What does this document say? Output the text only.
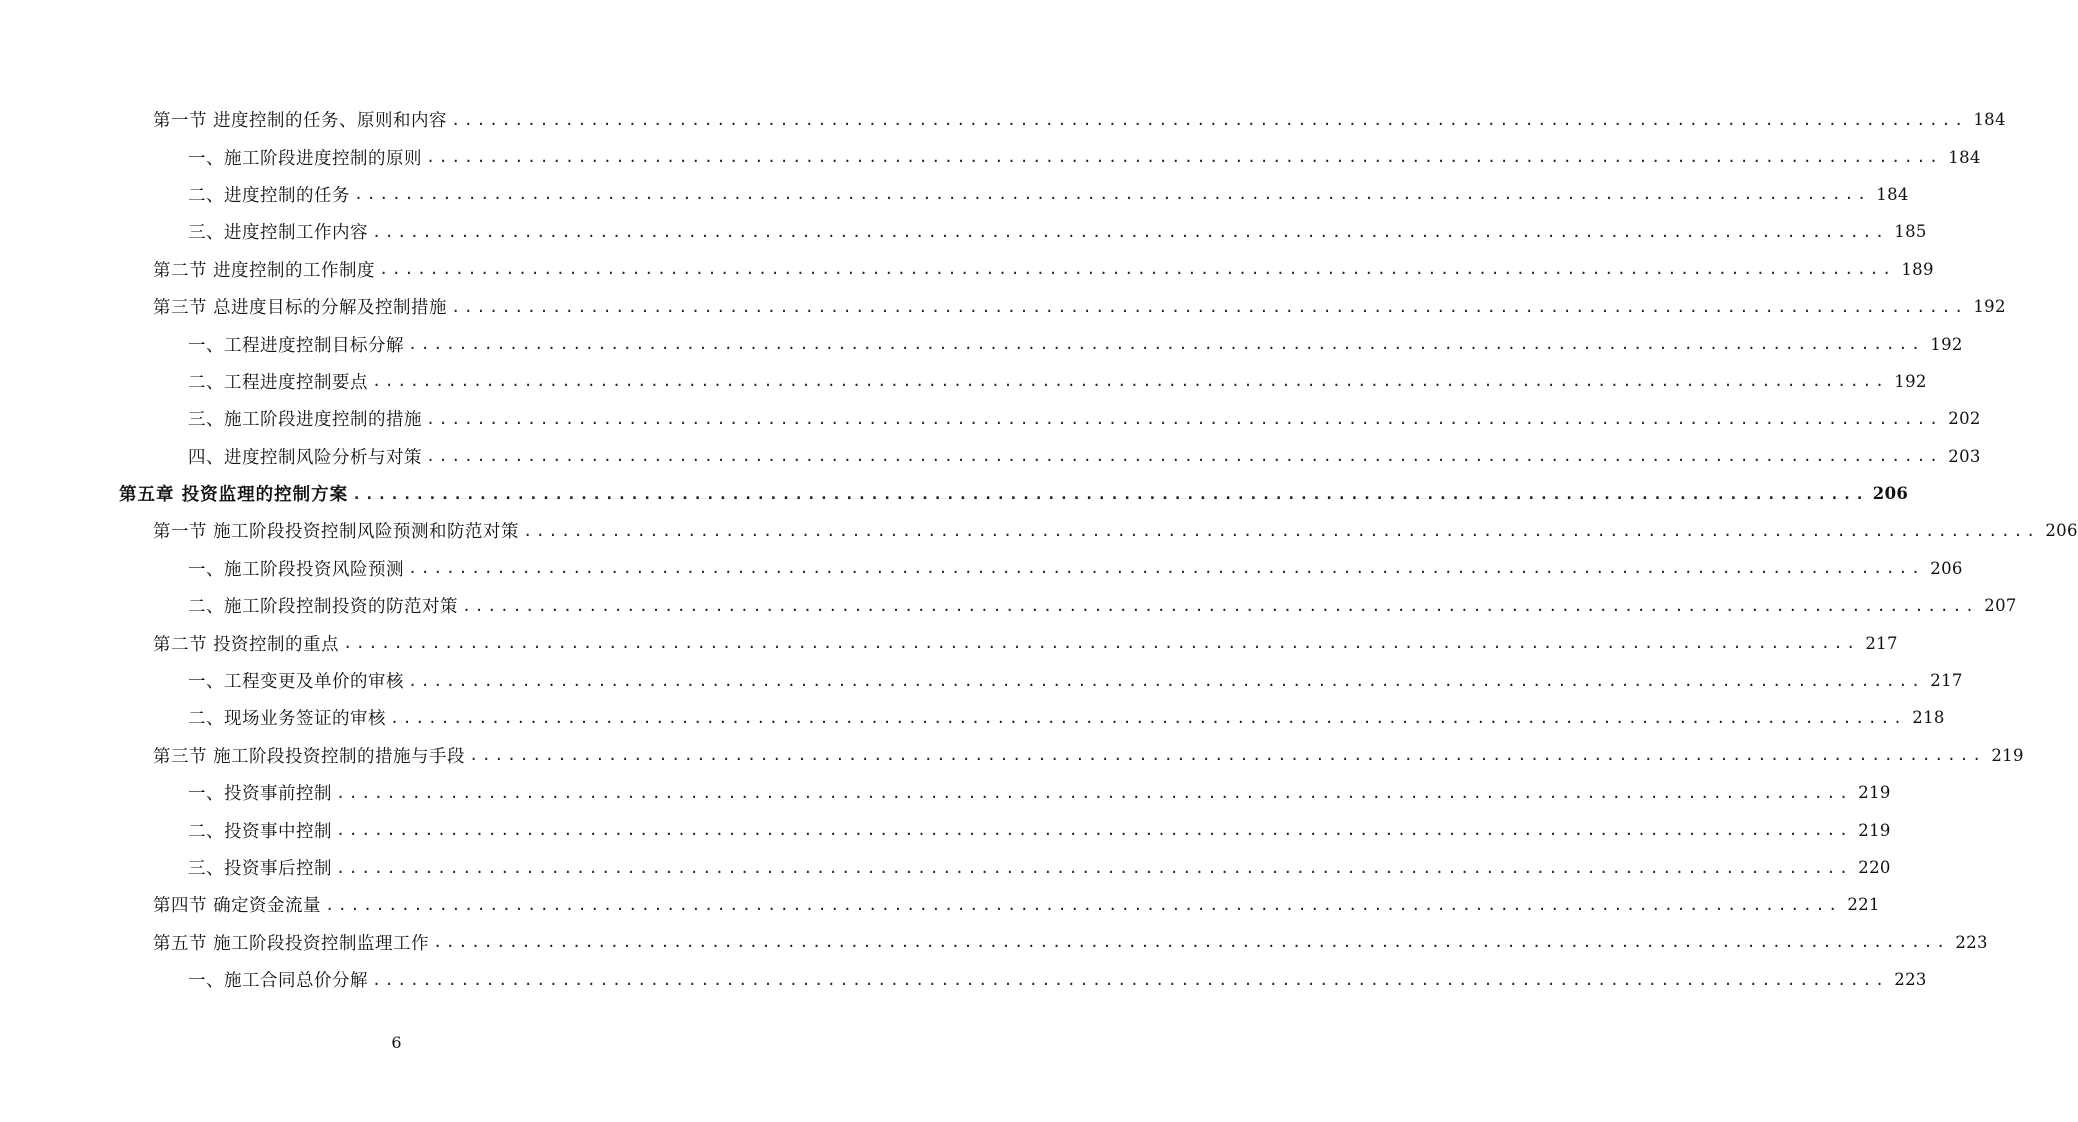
第一节 进度控制的任务、原则和内容 ........................................................................................................................ 184
一、施工阶段进度控制的原则 ........................................................................................................................ 184
二、进度控制的任务 ........................................................................................................................ 184
三、进度控制工作内容 ........................................................................................................................ 185
第二节 进度控制的工作制度 ........................................................................................................................ 189
第三节 总进度目标的分解及控制措施 ........................................................................................................................ 192
一、工程进度控制目标分解 ........................................................................................................................ 192
二、工程进度控制要点 ........................................................................................................................ 192
三、施工阶段进度控制的措施 ........................................................................................................................ 202
四、进度控制风险分析与对策 ........................................................................................................................ 203
第五章 投资监理的控制方案 ........................................................................................................................ 206
第一节 施工阶段投资控制风险预测和防范对策 ........................................................................................................................ 206
一、施工阶段投资风险预测 ........................................................................................................................ 206
二、施工阶段控制投资的防范对策 ........................................................................................................................ 207
第二节 投资控制的重点 ........................................................................................................................ 217
一、工程变更及单价的审核 ........................................................................................................................ 217
二、现场业务签证的审核 ........................................................................................................................ 218
第三节 施工阶段投资控制的措施与手段 ........................................................................................................................ 219
一、投资事前控制 ........................................................................................................................ 219
二、投资事中控制 ........................................................................................................................ 219
三、投资事后控制 ........................................................................................................................ 220
第四节 确定资金流量 ........................................................................................................................ 221
第五节 施工阶段投资控制监理工作 ........................................................................................................................ 223
一、施工合同总价分解 ........................................................................................................................ 223
6
